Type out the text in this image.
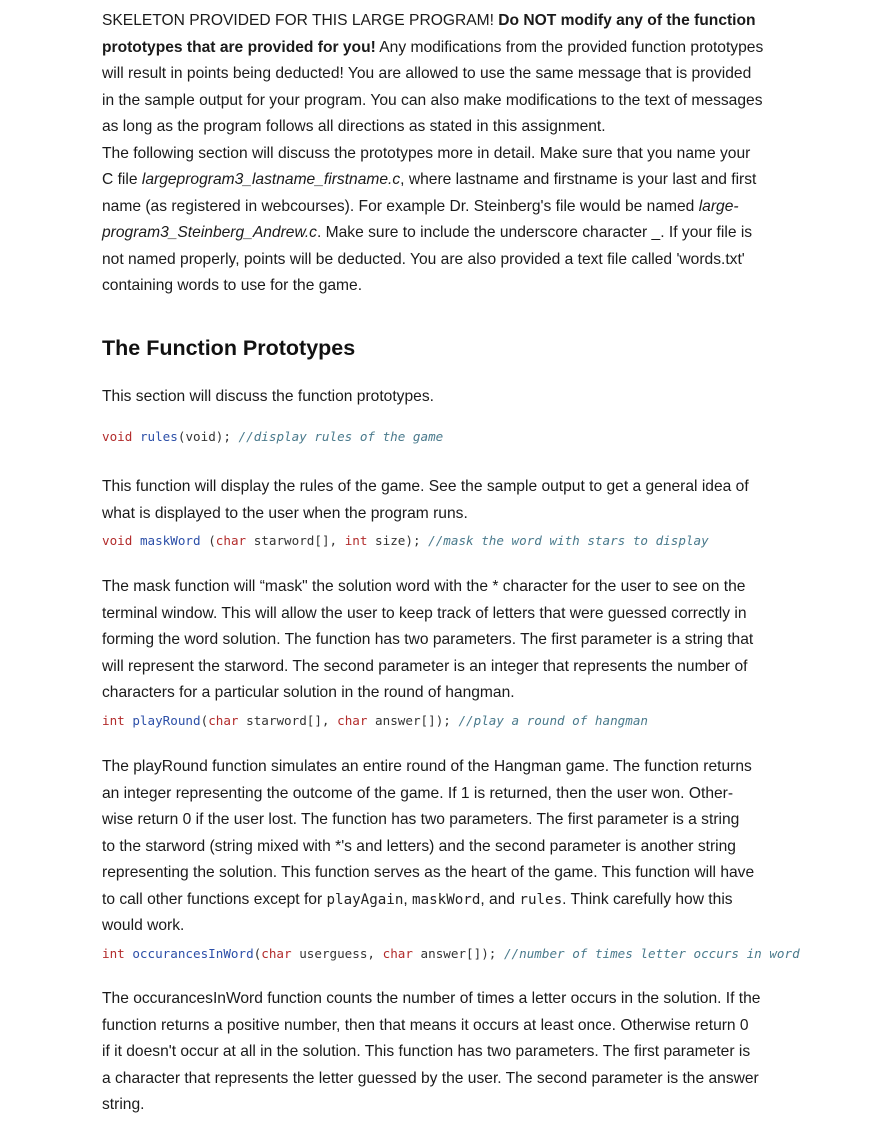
SKELETON PROVIDED FOR THIS LARGE PROGRAM! Do NOT modify any of the function

prototypes that are provided for you! Any modifications from the provided function prototypes

will result in points being deducted! You are allowed to use the same message that is provided

in the sample output for your program. You can also make modifications to the text of messages

as long as the program follows all directions as stated in this assignment.

The following section will discuss the prototypes more in detail. Make sure that you name your

C file largeprogram3_lastname_firstname.c, where lastname and firstname is your last and first

name (as registered in webcourses). For example Dr. Steinberg's file would be named large-

program3_Steinberg_Andrew.c. Make sure to include the underscore character _. If your file is

not named properly, points will be deducted. You are also provided a text file called 'words.txt'

containing words to use for the game.

The Function Prototypes

This section will discuss the function prototypes.

void rules(void); //display rules of the game

This function will display the rules of the game. See the sample output to get a general idea of

what is displayed to the user when the program runs.

void maskWord (char starword[], int size); //mask the word with stars to display

The mask function will “mask" the solution word with the * character for the user to see on the

terminal window. This will allow the user to keep track of letters that were guessed correctly in

forming the word solution. The function has two parameters. The first parameter is a string that

will represent the starword. The second parameter is an integer that represents the number of

characters for a particular solution in the round of hangman.

int playRound(char starword[], char answer[]); //play a round of hangman

The playRound function simulates an entire round of the Hangman game. The function returns

an integer representing the outcome of the game. If 1 is returned, then the user won. Other-

wise return 0 if the user lost. The function has two parameters. The first parameter is a string

to the starword (string mixed with *'s and letters) and the second parameter is another string

representing the solution. This function serves as the heart of the game. This function will have

to call other functions except for playAgain, maskWord, and rules. Think carefully how this

would work.

int occurancesInWord(char userguess, char answer[]); //number of times letter occurs in word

The occurancesInWord function counts the number of times a letter occurs in the solution. If the

function returns a positive number, then that means it occurs at least once. Otherwise return 0

if it doesn't occur at all in the solution. This function has two parameters. The first parameter is

a character that represents the letter guessed by the user. The second parameter is the answer

string.
